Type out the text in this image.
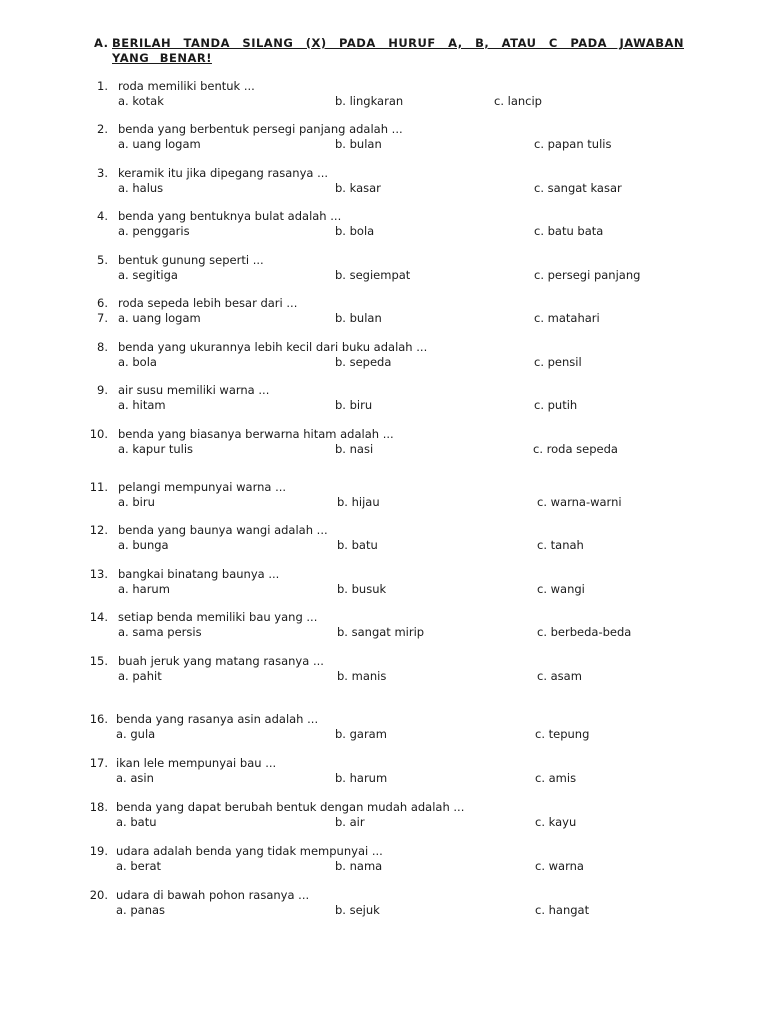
A. BERILAH TANDA SILANG (X) PADA HURUF A, B, ATAU C PADA JAWABAN YANG BENAR!
1. roda memiliki bentuk ...
a. kotak	b. lingkaran	c. lancip
2. benda yang berbentuk persegi panjang adalah ...
a. uang logam	b. bulan	c. papan tulis
3. keramik itu jika dipegang rasanya ...
a. halus	b. kasar	c. sangat kasar
4. benda yang bentuknya bulat adalah ...
a. penggaris	b. bola	c. batu bata
5. bentuk gunung seperti ...
a. segitiga	b. segiempat	c. persegi panjang
6. roda sepeda lebih besar dari ...
7. a. uang logam	b. bulan	c. matahari
8. benda yang ukurannya lebih kecil dari buku adalah ...
a. bola	b. sepeda	c. pensil
9. air susu memiliki warna ...
a. hitam	b. biru	c. putih
10. benda yang biasanya berwarna hitam adalah ...
a. kapur tulis	b. nasi	c. roda sepeda
11. pelangi mempunyai warna ...
a. biru	b. hijau	c. warna-warni
12. benda yang baunya wangi adalah ...
a. bunga	b. batu	c. tanah
13. bangkai binatang baunya ...
a. harum	b. busuk	c. wangi
14. setiap benda memiliki bau yang ...
a. sama persis	b. sangat mirip	c. berbeda-beda
15. buah jeruk yang matang rasanya ...
a. pahit	b. manis	c. asam
16. benda yang rasanya asin adalah ...
a. gula	b. garam	c. tepung
17. ikan lele mempunyai bau ...
a. asin	b. harum	c. amis
18. benda yang dapat berubah bentuk dengan mudah adalah ...
a. batu	b. air	c. kayu
19. udara adalah benda yang tidak mempunyai ...
a. berat	b. nama	c. warna
20. udara di bawah pohon rasanya ...
a. panas	b. sejuk	c. hangat
